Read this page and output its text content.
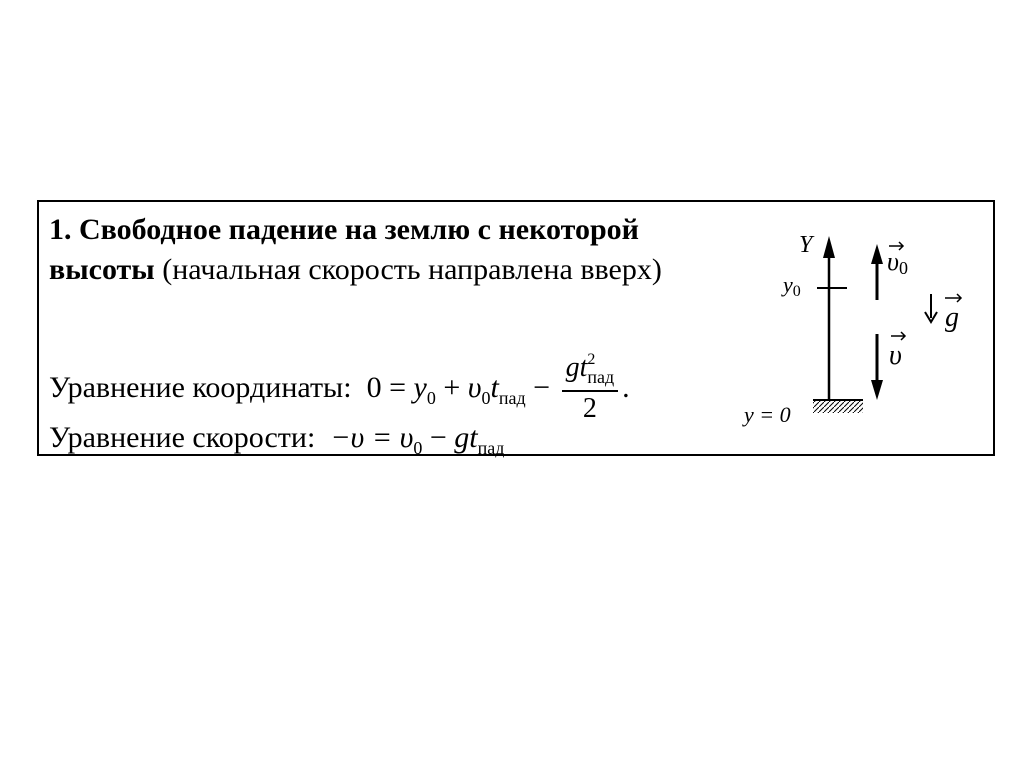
1. Свободное падение на землю с некоторой высоты (начальная скорость направлена вверх)
Уравнение координаты: $0 = y_0 + \upsilon_0t_{пад} - \frac{gt^2_{пад}}{2}$ .
Уравнение скорости: $-\upsilon = \upsilon_0 - gt_{пад}$
Y
y0
y = 0
υ0
g
υ
